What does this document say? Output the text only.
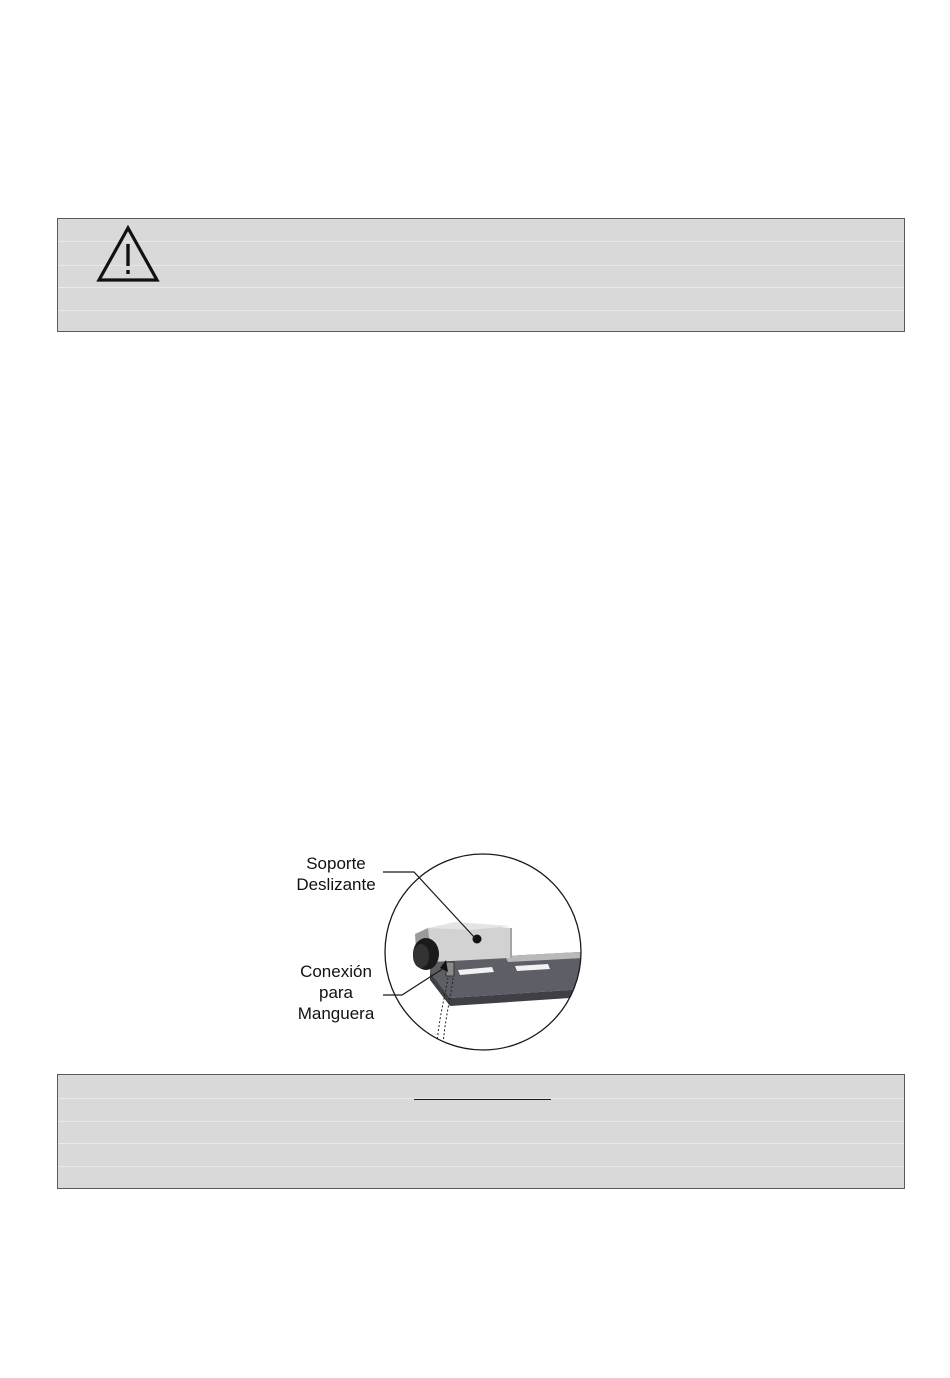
Soporte
Deslizante
Conexión
para
Manguera
